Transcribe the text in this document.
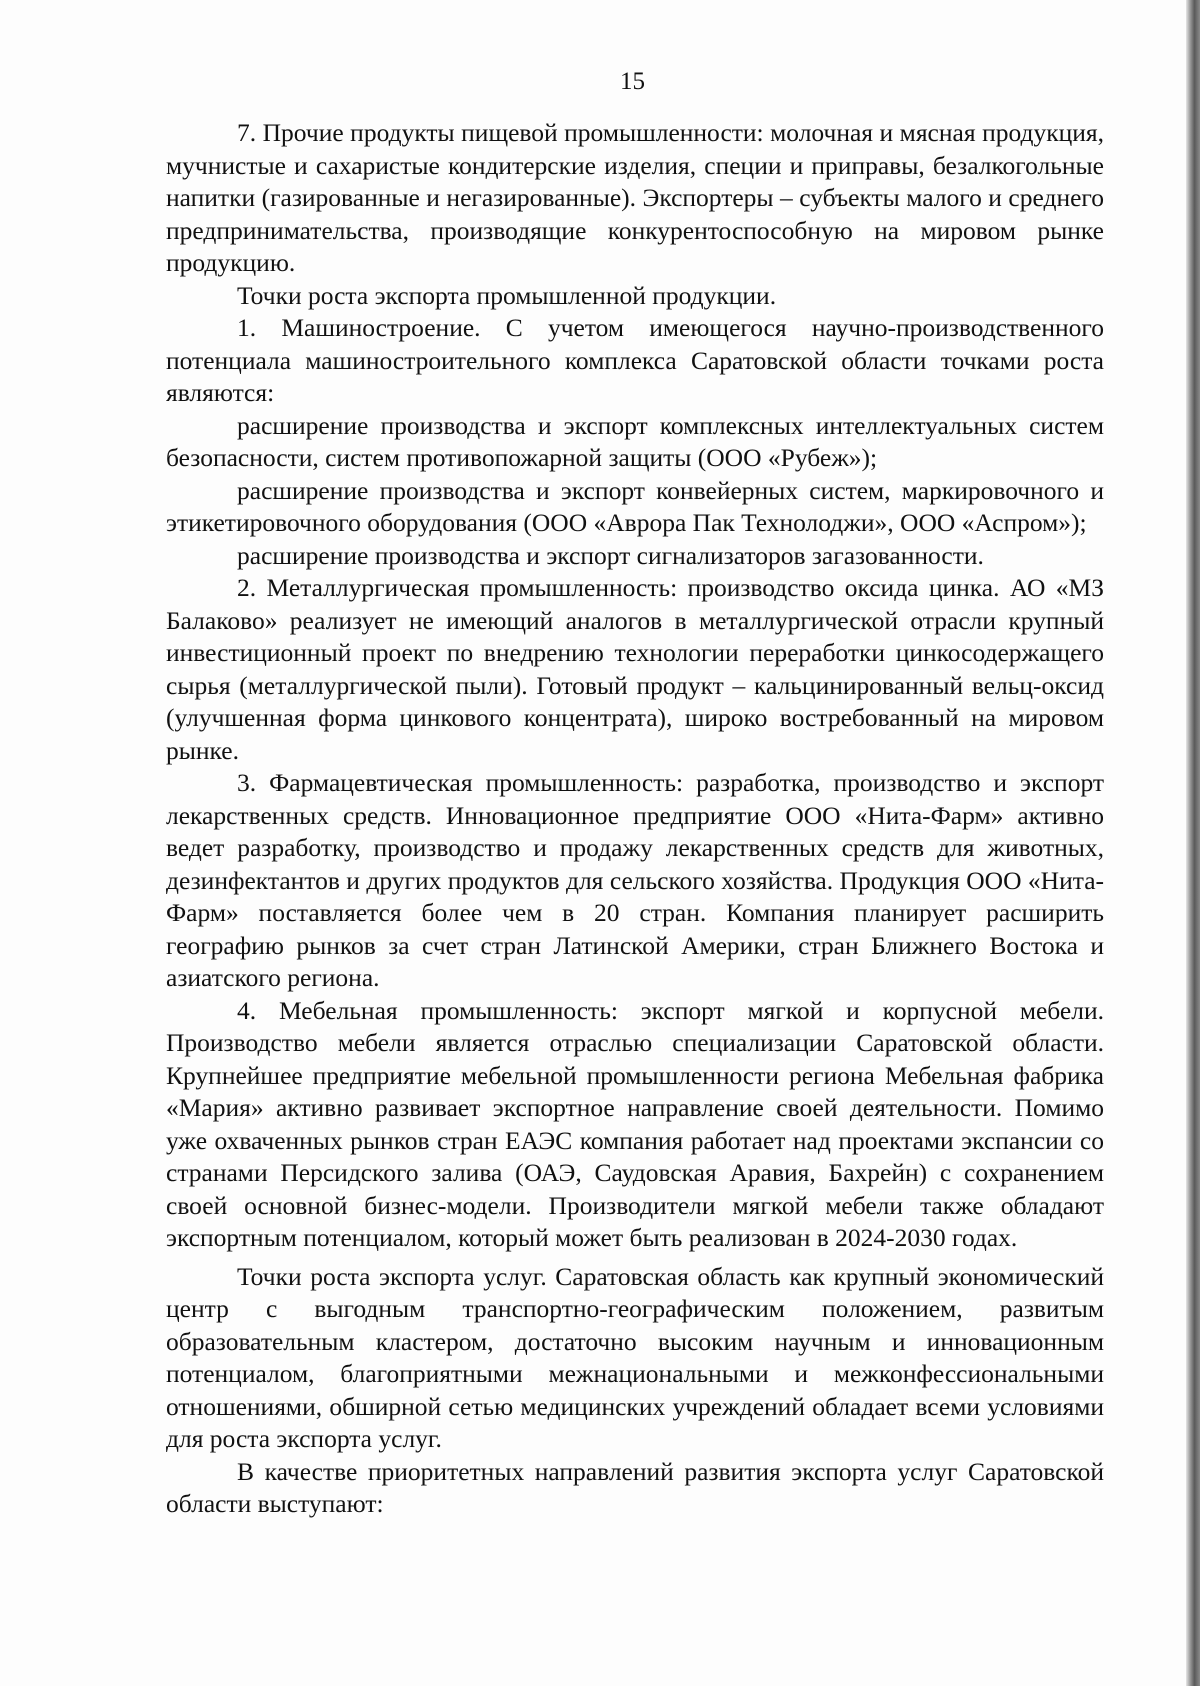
15

7. Прочие продукты пищевой промышленности: молочная и мясная продукция, мучнистые и сахаристые кондитерские изделия, специи и приправы, безалкогольные напитки (газированные и негазированные). Экспортеры – субъекты малого и среднего предпринимательства, производящие конкурентоспособную на мировом рынке продукцию.

Точки роста экспорта промышленной продукции.

1. Машиностроение. С учетом имеющегося научно-производственного потенциала машиностроительного комплекса Саратовской области точками роста являются:

расширение производства и экспорт комплексных интеллектуальных систем безопасности, систем противопожарной защиты (ООО «Рубеж»);

расширение производства и экспорт конвейерных систем, маркировочного и этикетировочного оборудования (ООО «Аврора Пак Технолоджи», ООО «Аспром»);

расширение производства и экспорт сигнализаторов загазованности.

2. Металлургическая промышленность: производство оксида цинка. АО «МЗ Балаково» реализует не имеющий аналогов в металлургической отрасли крупный инвестиционный проект по внедрению технологии переработки цинкосодержащего сырья (металлургической пыли). Готовый продукт – кальцинированный вельц-оксид (улучшенная форма цинкового концентрата), широко востребованный на мировом рынке.

3. Фармацевтическая промышленность: разработка, производство и экспорт лекарственных средств. Инновационное предприятие ООО «Нита-Фарм» активно ведет разработку, производство и продажу лекарственных средств для животных, дезинфектантов и других продуктов для сельского хозяйства. Продукция ООО «Нита-Фарм» поставляется более чем в 20 стран. Компания планирует расширить географию рынков за счет стран Латинской Америки, стран Ближнего Востока и азиатского региона.

4. Мебельная промышленность: экспорт мягкой и корпусной мебели. Производство мебели является отраслью специализации Саратовской области. Крупнейшее предприятие мебельной промышленности региона Мебельная фабрика «Мария» активно развивает экспортное направление своей деятельности. Помимо уже охваченных рынков стран ЕАЭС компания работает над проектами экспансии со странами Персидского залива (ОАЭ, Саудовская Аравия, Бахрейн) с сохранением своей основной бизнес-модели. Производители мягкой мебели также обладают экспортным потенциалом, который может быть реализован в 2024-2030 годах.

Точки роста экспорта услуг. Саратовская область как крупный экономический центр с выгодным транспортно-географическим положением, развитым образовательным кластером, достаточно высоким научным и инновационным потенциалом, благоприятными межнациональными и межконфессиональными отношениями, обширной сетью медицинских учреждений обладает всеми условиями для роста экспорта услуг.

В качестве приоритетных направлений развития экспорта услуг Саратовской области выступают:
